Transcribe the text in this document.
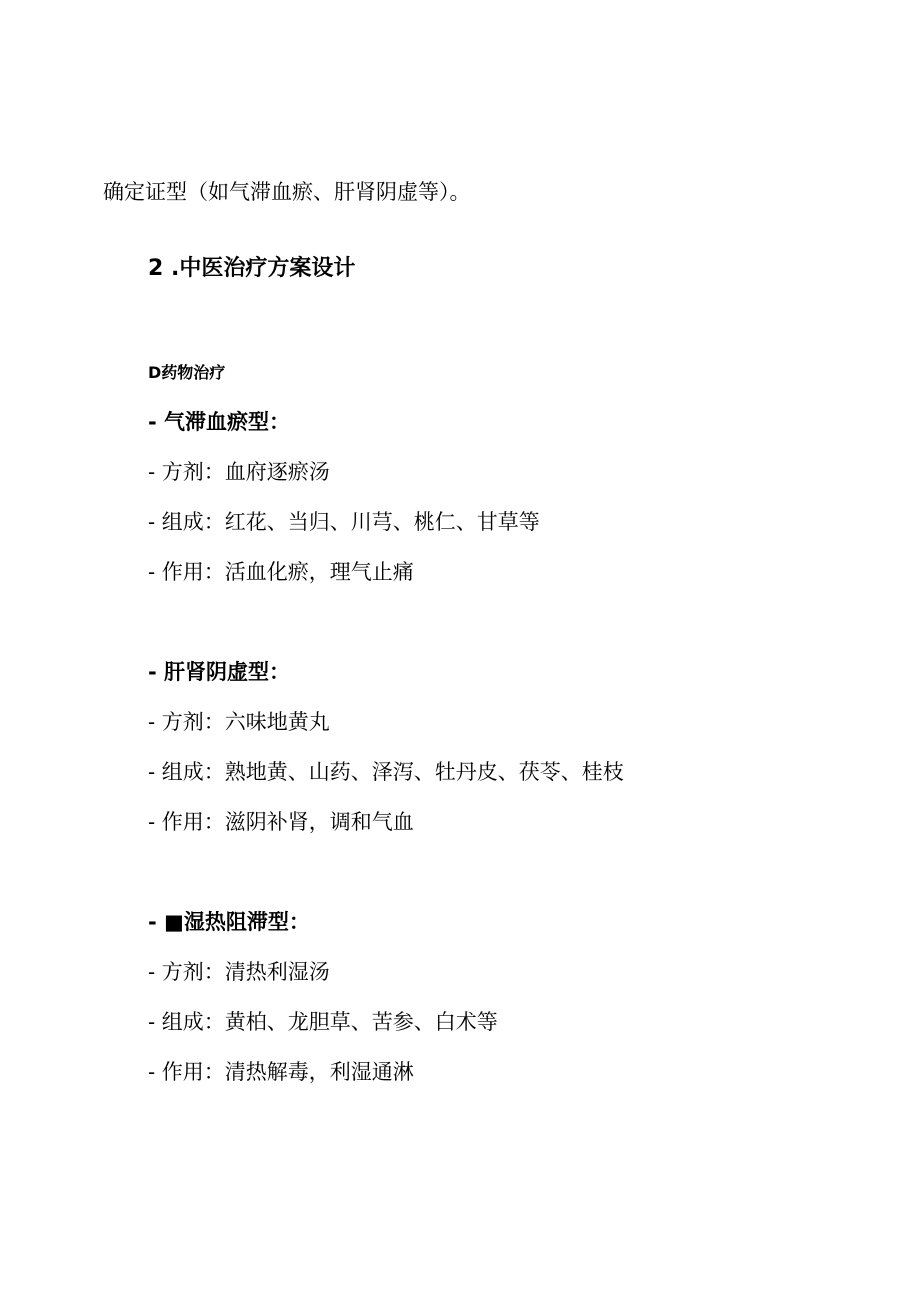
确定证型（如气滞血瘀、肝肾阴虚等）。
2 .中医治疗方案设计
D药物治疗
- 气滞血瘀型：
- 方剂：血府逐瘀汤
- 组成：红花、当归、川芎、桃仁、甘草等
- 作用：活血化瘀，理气止痛
- 肝肾阴虚型：
- 方剂：六味地黄丸
- 组成：熟地黄、山药、泽泻、牡丹皮、茯苓、桂枝
- 作用：滋阴补肾，调和气血
- ■湿热阻滞型：
- 方剂：清热利湿汤
- 组成：黄柏、龙胆草、苦参、白术等
- 作用：清热解毒，利湿通淋
